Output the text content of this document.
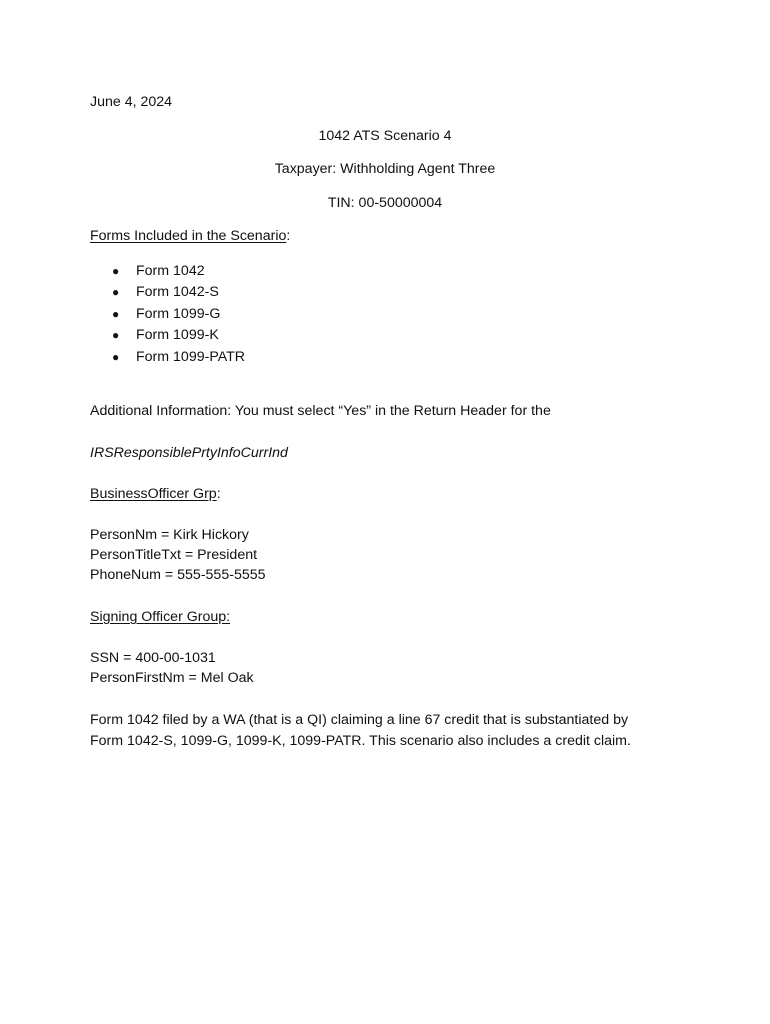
June 4, 2024
1042 ATS Scenario 4
Taxpayer: Withholding Agent Three
TIN: 00-50000004
Forms Included in the Scenario:
● Form 1042
● Form 1042-S
● Form 1099-G
● Form 1099-K
● Form 1099-PATR
Additional Information: You must select “Yes” in the Return Header for the
IRSResponsiblePrtyInfoCurrInd
BusinessOfficer Grp:
PersonNm = Kirk Hickory
PersonTitleTxt = President
PhoneNum = 555-555-5555
Signing Officer Group:
SSN = 400-00-1031
PersonFirstNm = Mel Oak
Form 1042 filed by a WA (that is a QI) claiming a line 67 credit that is substantiated by
Form 1042-S, 1099-G, 1099-K, 1099-PATR. This scenario also includes a credit claim.
